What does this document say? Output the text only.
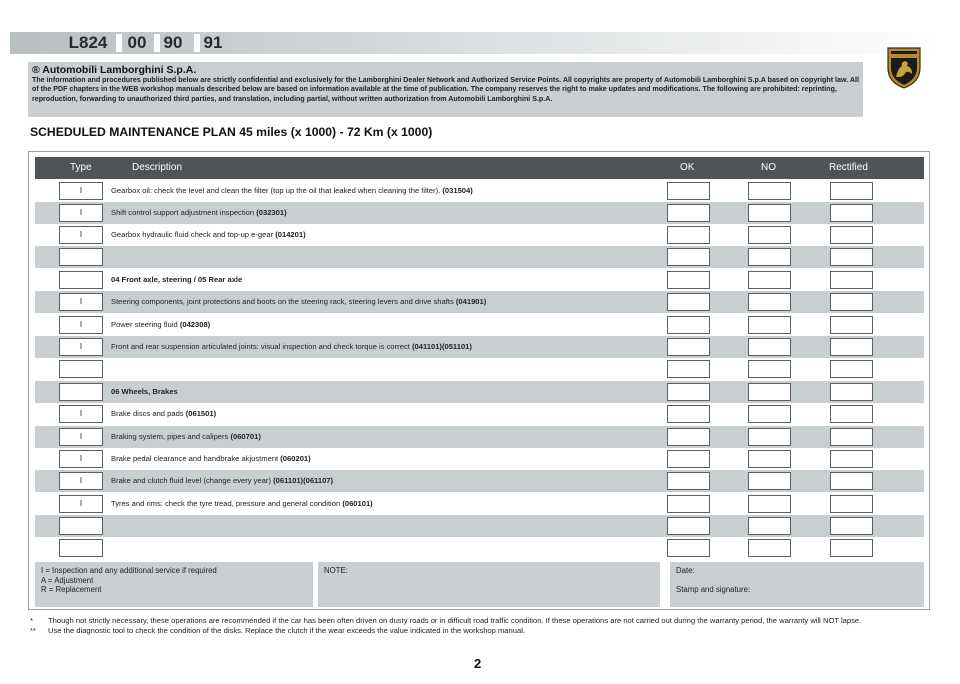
L824 00 90 91
® Automobili Lamborghini S.p.A.
The information and procedures published below are strictly confidential and exclusively for the Lamborghini Dealer Network and Authorized Service Points. All copyrights are property of Automobili Lamborghini S.p.A based on copyright law. All of the PDF chapters in the WEB workshop manuals described below are based on information available at the time of publication. The company reserves the right to make updates and modifications. The following are prohibited: reprinting, reproduction, forwarding to unauthorized third parties, and translation, including partial, without written authorization from Automobili Lamborghini S.p.A.
SCHEDULED MAINTENANCE PLAN 45 miles (x 1000) - 72 Km (x 1000)
Type	Description	OK	NO	Rectified
I	Gearbox oil: check the level and clean the filter (top up the oil that leaked when cleaning the filter). (031504)
I	Shift control support adjustment inspection (032301)
I	Gearbox hydraulic fluid check and top-up e-gear (014201)
04 Front axle, steering / 05 Rear axle
I	Steering components, joint protections and boots on the steering rack, steering levers and drive shafts (041901)
I	Power steering fluid (042308)
I	Front and rear suspension articulated joints: visual inspection and check torque is correct (041101)(051101)
06 Wheels, Brakes
I	Brake discs and pads (061501)
I	Braking system, pipes and calipers (060701)
I	Brake pedal clearance and handbrake akjustment (060201)
I	Brake and clutch fluid level (change every year) (061101)(061107)
I	Tyres and rims: check the tyre tread, pressure and general condition (060101)
I = Inspection and any additional service if required
A = Adjustment
R = Replacement
NOTE:	Date:
Stamp and signature:
* Though not strictly necessary, these operations are recommended if the car has been often driven on dusty roads or in difficult road traffic condition. If these operations are not carried out during the warranty period, the warranty will NOT lapse.
** Use the diagnostic tool to check the condition of the disks. Replace the clutch if the wear exceeds the value indicated in the workshop manual.
2
